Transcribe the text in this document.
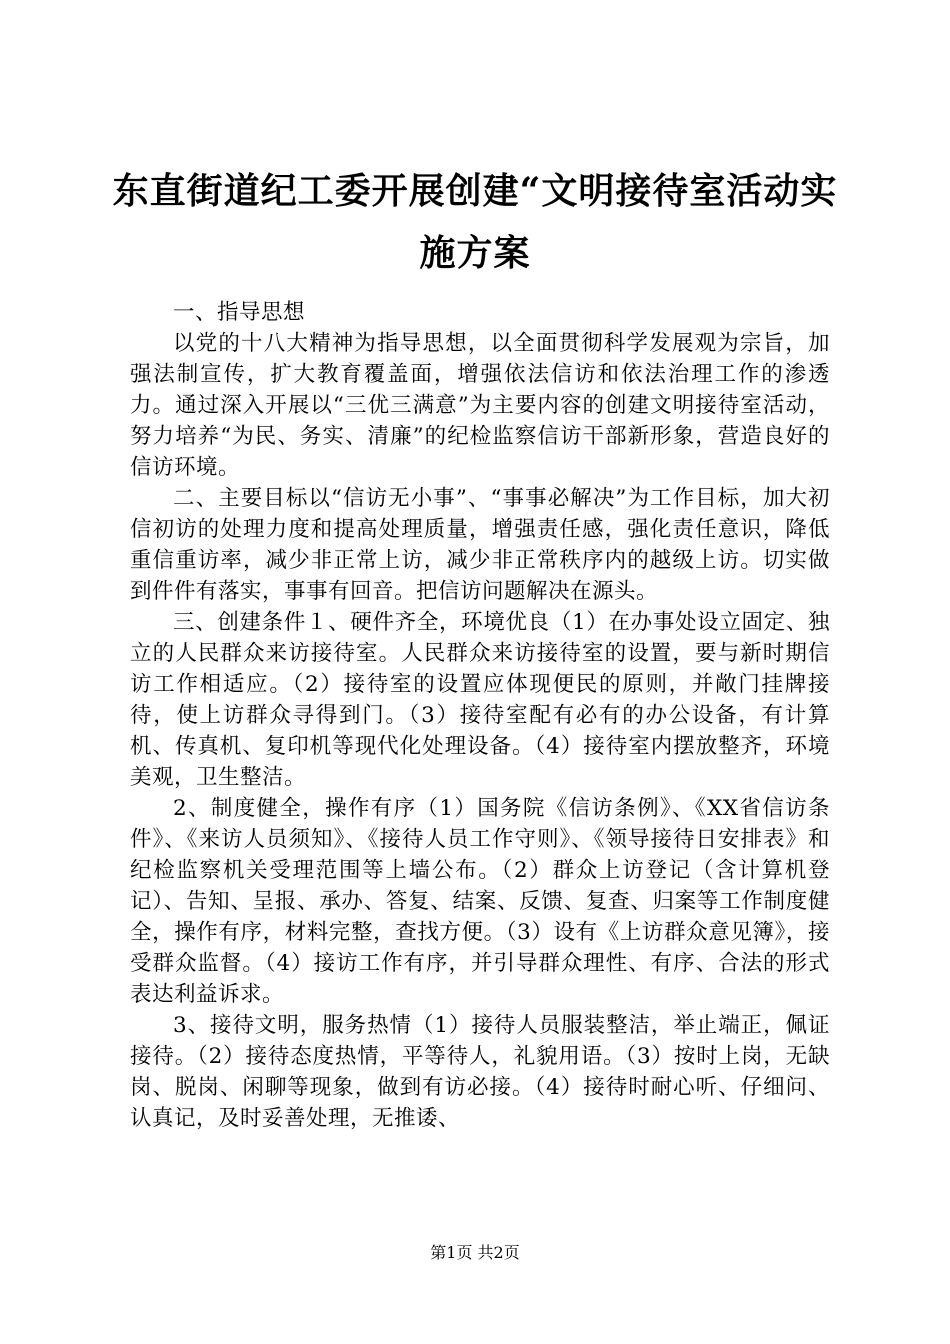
东直街道纪工委开展创建“文明接待室活动实施方案

一、指导思想

以党的十八大精神为指导思想，以全面贯彻科学发展观为宗旨，加强法制宣传，扩大教育覆盖面，增强依法信访和依法治理工作的渗透力。通过深入开展以“三优三满意”为主要内容的创建文明接待室活动，努力培养“为民、务实、清廉”的纪检监察信访干部新形象，营造良好的信访环境。

二、主要目标以“信访无小事”、“事事必解决”为工作目标，加大初信初访的处理力度和提高处理质量，增强责任感，强化责任意识，降低重信重访率，减少非正常上访，减少非正常秩序内的越级上访。切实做到件件有落实，事事有回音。把信访问题解决在源头。

三、创建条件１、硬件齐全，环境优良（1）在办事处设立固定、独立的人民群众来访接待室。人民群众来访接待室的设置，要与新时期信访工作相适应。（2）接待室的设置应体现便民的原则，并敞门挂牌接待，使上访群众寻得到门。（3）接待室配有必有的办公设备，有计算机、传真机、复印机等现代化处理设备。（4）接待室内摆放整齐，环境美观，卫生整洁。

2、制度健全，操作有序（1）国务院《信访条例》、《XX省信访条件》、《来访人员须知》、《接待人员工作守则》、《领导接待日安排表》和纪检监察机关受理范围等上墙公布。（2）群众上访登记（含计算机登记）、告知、呈报、承办、答复、结案、反馈、复查、归案等工作制度健全，操作有序，材料完整，查找方便。（3）设有《上访群众意见簿》，接受群众监督。（4）接访工作有序，并引导群众理性、有序、合法的形式表达利益诉求。

3、接待文明，服务热情（1）接待人员服装整洁，举止端正，佩证接待。（2）接待态度热情，平等待人，礼貌用语。（3）按时上岗，无缺岗、脱岗、闲聊等现象，做到有访必接。（4）接待时耐心听、仔细问、认真记，及时妥善处理，无推诿、

第1页 共2页
